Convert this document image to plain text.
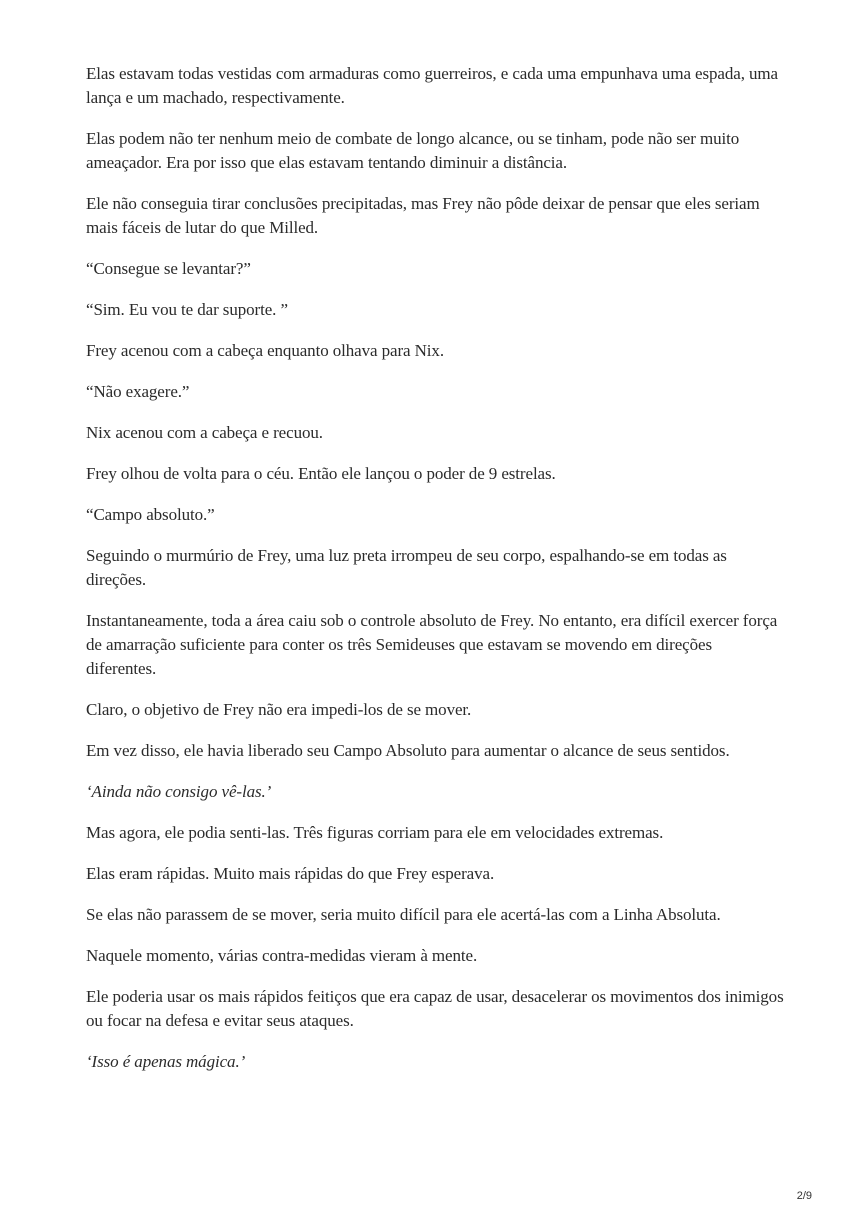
Elas estavam todas vestidas com armaduras como guerreiros, e cada uma empunhava uma espada, uma lança e um machado, respectivamente.

Elas podem não ter nenhum meio de combate de longo alcance, ou se tinham, pode não ser muito ameaçador. Era por isso que elas estavam tentando diminuir a distância.

Ele não conseguia tirar conclusões precipitadas, mas Frey não pôde deixar de pensar que eles seriam mais fáceis de lutar do que Milled.

“Consegue se levantar?”

“Sim. Eu vou te dar suporte. ”

Frey acenou com a cabeça enquanto olhava para Nix.

“Não exagere.”

Nix acenou com a cabeça e recuou.

Frey olhou de volta para o céu. Então ele lançou o poder de 9 estrelas.

“Campo absoluto.”

Seguindo o murmúrio de Frey, uma luz preta irrompeu de seu corpo, espalhando-se em todas as direções.

Instantaneamente, toda a área caiu sob o controle absoluto de Frey. No entanto, era difícil exercer força de amarração suficiente para conter os três Semideuses que estavam se movendo em direções diferentes.

Claro, o objetivo de Frey não era impedi-los de se mover.

Em vez disso, ele havia liberado seu Campo Absoluto para aumentar o alcance de seus sentidos.

‘Ainda não consigo vê-las.’

Mas agora, ele podia senti-las. Três figuras corriam para ele em velocidades extremas.

Elas eram rápidas. Muito mais rápidas do que Frey esperava.

Se elas não parassem de se mover, seria muito difícil para ele acertá-las com a Linha Absoluta.

Naquele momento, várias contra-medidas vieram à mente.

Ele poderia usar os mais rápidos feitiços que era capaz de usar, desacelerar os movimentos dos inimigos ou focar na defesa e evitar seus ataques.

‘Isso é apenas mágica.’

2/9
